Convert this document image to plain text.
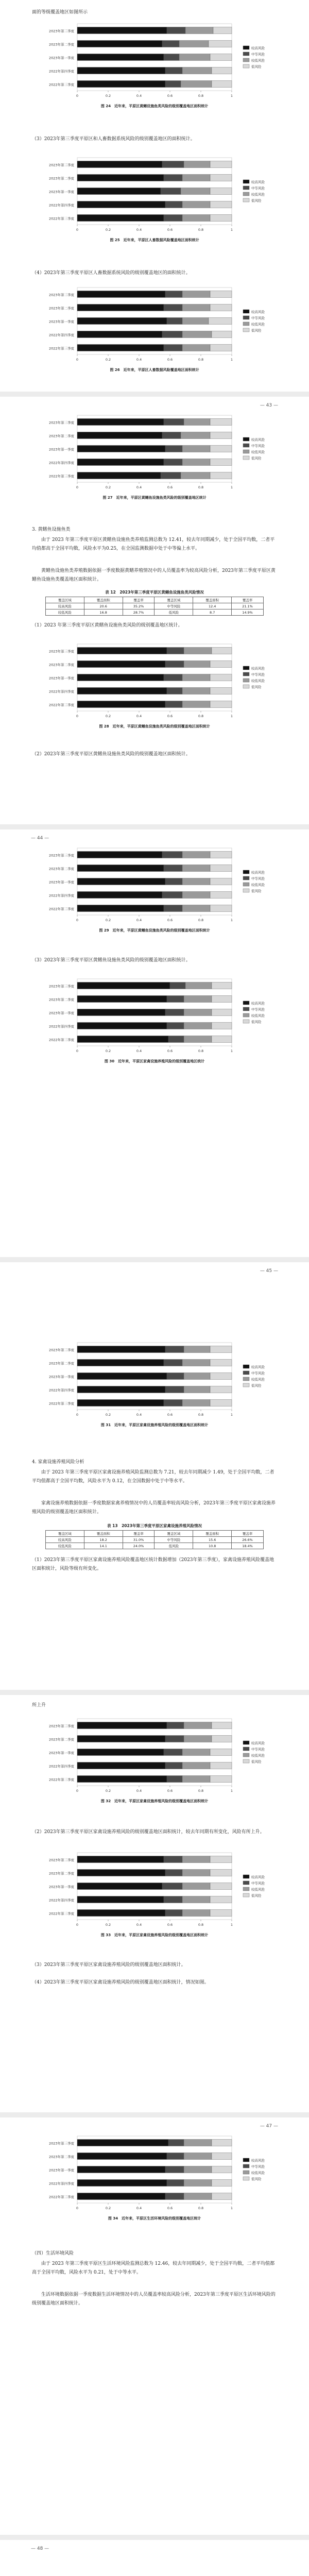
面的等级覆盖地区如图所示

2023年第三季度
2023年第二季度
2023年第一季度
2022年第四季度
2022年第三季度
0	0.2	0.4	0.6	0.8	1
较高风险
中等风险
较低风险
低风险
图 24　近年来，平原区黄鳝设施鱼类风险的级别覆盖地区面积统计

（3）2023年第三季度平原区和人畜数据系统风险的级别覆盖地区的面积统计。

2023年第三季度
2023年第二季度
2023年第一季度
2022年第四季度
2022年第三季度
0	0.2	0.4	0.6	0.8	1
较高风险
中等风险
较低风险
低风险
图 25　近年来，平原区人畜数据风险覆盖地区面积统计

（4）2023年第三季度平原区人畜数据系统风险的级别覆盖地区的面积统计。

2023年第三季度
2023年第二季度
2023年第一季度
2022年第四季度
2022年第三季度
0	0.2	0.4	0.6	0.8	1
较高风险
中等风险
较低风险
低风险
图 26　近年来，平原区人畜数据风险覆盖地区面积统计
— 43 —
2023年第三季度
2023年第二季度
2023年第一季度
2022年第四季度
2022年第三季度
0	0.2	0.4	0.6	0.8	1
较高风险
中等风险
较低风险
低风险
图 27　近年来，平原区黄鳝鱼设施鱼类风险的级别覆盖地区统计

3. 黄鳝鱼设施鱼类

由于 2023 年第三季度平原区黄鳝鱼设施鱼类养殖监测总数为 12.41，较去年同期减少，处于全国平均数，二者平均值都高于全国平均数，风险水平为0.25，在全国监测数据中处于中等偏上水平。

黄鳝鱼设施鱼类养殖数据依据一季度数据黄鳝养殖情况中的人员覆盖率为较高风险分析，2023年第三季度平原区黄鳝鱼设施鱼类覆盖地区面积统计。

表 12　2023年第三季度平原区黄鳝鱼设施鱼类风险情况

覆盖区域	覆盖面积	覆盖率	覆盖区域	覆盖面积	覆盖率
较高风险	20.6	35.2%	中等风险	12.4	21.1%
较低风险	16.8	28.7%	低风险	8.7	14.9%

（1）2023 年第三季度平原区黄鳝鱼设施鱼类风险的级别覆盖地区统计。

2023年第三季度
2023年第二季度
2023年第一季度
2022年第四季度
2022年第三季度
0	0.2	0.4	0.6	0.8	1
较高风险
中等风险
较低风险
低风险
图 28　近年来，平原区黄鳝鱼设施鱼类风险的级别覆盖地区面积统计

（2）2023年第三季度平原区黄鳝鱼设施鱼类风险的级别覆盖地区面积统计。

— 44 —
2023年第三季度
2023年第二季度
2023年第一季度
2022年第四季度
2022年第三季度
0	0.2	0.4	0.6	0.8	1
较高风险
中等风险
较低风险
低风险
图 29　近年来，平原区黄鳝鱼设施鱼类风险的级别覆盖地区面积统计

（3）2023年第三季度平原区黄鳝鱼设施鱼类风险的级别覆盖地区面积统计。

2023年第三季度
2023年第二季度
2023年第一季度
2022年第四季度
2022年第三季度
0	0.2	0.4	0.6	0.8	1
较高风险
中等风险
较低风险
低风险
图 30　近年来，平原区家禽设施养殖风险的级别覆盖地区统计
— 45 —
2023年第三季度
2023年第二季度
2023年第一季度
2022年第四季度
2022年第三季度
0	0.2	0.4	0.6	0.8	1
较高风险
中等风险
较低风险
低风险
图 31　近年来，平原区家禽设施养殖风险的级别覆盖地区面积统计

4. 家禽设施养殖风险分析

由于 2023 年第三季度平原区家禽设施养殖风险监测总数为 7.21，较去年同期减少 1.49，处于全国平均数，二者平均值都高于全国平均数，风险水平为 0.12，在全国数据中处于中等水平。

家禽设施养殖数据依据一季度数据家禽养殖情况中的人员覆盖率较高风险分析，2023年第三季度平原区家禽设施养殖风险的级别覆盖地区面积统计。

表 13　2023年第三季度平原区家禽设施养殖风险情况

覆盖区域	覆盖面积	覆盖率	覆盖区域	覆盖面积	覆盖率
较高风险	18.2	31.0%	中等风险	15.6	26.6%
较低风险	14.1	24.0%	低风险	10.8	18.4%

（1）2023年第三季度平原区家禽设施养殖风险覆盖地区统计数据增加（2023年第三季度），家禽设施养殖风险覆盖地区面积统计，风险等级有所变化。

所上升

2023年第三季度
2023年第二季度
2023年第一季度
2022年第四季度
2022年第三季度
0	0.2	0.4	0.6	0.8	1
较高风险
中等风险
较低风险
低风险
图 32　近年来，平原区家禽设施养殖风险的级别覆盖地区面积统计

（2）2023年第三季度平原区家禽设施养殖风险的级别覆盖地区面积统计，较去年同期有所变化，风险有所上升。

2023年第三季度
2023年第二季度
2023年第一季度
2022年第四季度
2022年第三季度
0	0.2	0.4	0.6	0.8	1
较高风险
中等风险
较低风险
低风险
图 33　近年来，平原区家禽设施养殖风险的级别覆盖地区面积统计

（3）2023年第三季度平原区家禽设施养殖风险的级别覆盖地区面积统计。

（4）2023年第三季度平原区家禽设施养殖风险的级别覆盖地区面积统计，情况如图。

— 47 —
2023年第三季度
2023年第二季度
2023年第一季度
2022年第四季度
2022年第三季度
0	0.2	0.4	0.6	0.8	1
较高风险
中等风险
较低风险
低风险
图 34　近年来，平原区生活环境风险的级别覆盖地区统计

（四）生活环境风险

由于 2023 年第三季度平原区生活环境风险监测总数为 12.46，较去年同期减少，处于全国平均数，二者平均值都高于全国平均数，风险水平为 0.21，处于中等水平。

生活环境数据依据一季度数据生活环境情况中的人员覆盖率较高风险分析，2023年第三季度平原区生活环境风险的级别覆盖地区面积统计。

— 48 —
